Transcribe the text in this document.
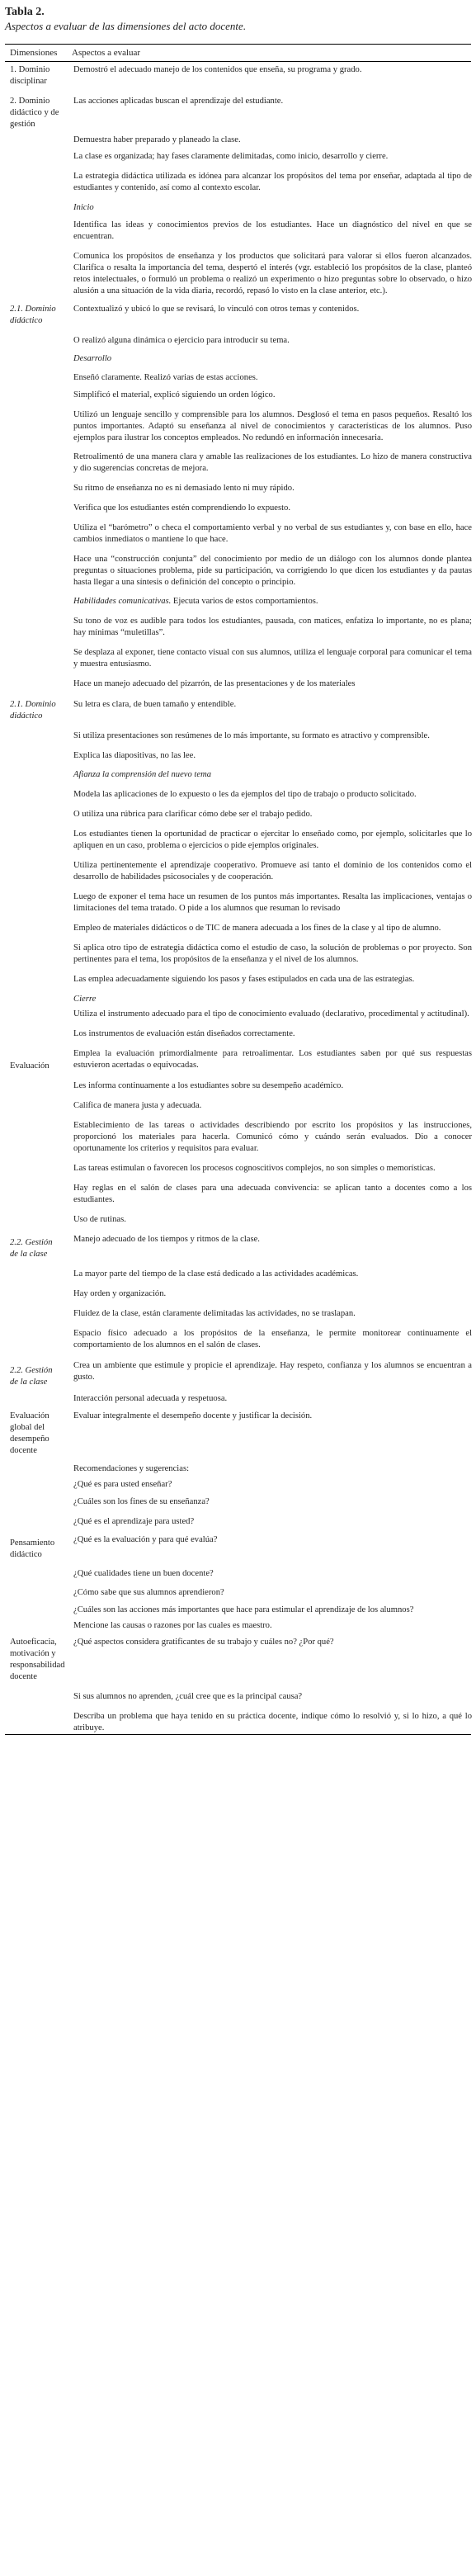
Tabla 2.
Aspectos a evaluar de las dimensiones del acto docente.
Dimensiones	Aspectos a evaluar
1. Dominio disciplinar
Demostró el adecuado manejo de los contenidos que enseña, su programa y grado.
2. Dominio didáctico y de gestión
Las acciones aplicadas buscan el aprendizaje del estudiante.
Demuestra haber preparado y planeado la clase.
La clase es organizada; hay fases claramente delimitadas, como inicio, desarrollo y cierre.
La estrategia didáctica utilizada es idónea para alcanzar los propósitos del tema por enseñar, adaptada al tipo de estudiantes y contenido, así como al contexto escolar.
Inicio
Identifica las ideas y conocimientos previos de los estudiantes. Hace un diagnóstico del nivel en que se encuentran.
Comunica los propósitos de enseñanza y los productos que solicitará para valorar si ellos fueron alcanzados. Clarifica o resalta la importancia del tema, despertó el interés (vgr. estableció los propósitos de la clase, planteó retos intelectuales, o formuló un problema o realizó un experimento o hizo preguntas sobre lo observado, o hizo alusión a una situación de la vida diaria, recordó, repasó lo visto en la clase anterior, etc.).
2.1. Dominio didáctico
Contextualizó y ubicó lo que se revisará, lo vinculó con otros temas y contenidos.
O realizó alguna dinámica o ejercicio para introducir su tema.
Desarrollo
Enseñó claramente. Realizó varias de estas acciones.
Simplificó el material, explicó siguiendo un orden lógico.
Utilizó un lenguaje sencillo y comprensible para los alumnos. Desglosó el tema en pasos pequeños. Resaltó los puntos importantes. Adaptó su enseñanza al nivel de conocimientos y características de los alumnos. Puso ejemplos para ilustrar los conceptos empleados. No redundó en información innecesaria.
Retroalimentó de una manera clara y amable las realizaciones de los estudiantes. Lo hizo de manera constructiva y dio sugerencias concretas de mejora.
Su ritmo de enseñanza no es ni demasiado lento ni muy rápido.
Verifica que los estudiantes estén comprendiendo lo expuesto.
Utiliza el “barómetro” o checa el comportamiento verbal y no verbal de sus estudiantes y, con base en ello, hace cambios inmediatos o mantiene lo que hace.
Hace una “construcción conjunta” del conocimiento por medio de un diálogo con los alumnos donde plantea preguntas o situaciones problema, pide su participación, va corrigiendo lo que dicen los estudiantes y da pautas hasta llegar a una síntesis o definición del concepto o principio.
Habilidades comunicativas. Ejecuta varios de estos comportamientos.
Su tono de voz es audible para todos los estudiantes, pausada, con matices, enfatiza lo importante, no es plana; hay mínimas “muletillas”.
Se desplaza al exponer, tiene contacto visual con sus alumnos, utiliza el lenguaje corporal para comunicar el tema y muestra entusiasmo.
Hace un manejo adecuado del pizarrón, de las presentaciones y de los materiales
2.1. Dominio didáctico
Su letra es clara, de buen tamaño y entendible.
Si utiliza presentaciones son resúmenes de lo más importante, su formato es atractivo y comprensible.
Explica las diapositivas, no las lee.
Afianza la comprensión del nuevo tema
Modela las aplicaciones de lo expuesto o les da ejemplos del tipo de trabajo o producto solicitado.
O utiliza una rúbrica para clarificar cómo debe ser el trabajo pedido.
Los estudiantes tienen la oportunidad de practicar o ejercitar lo enseñado como, por ejemplo, solicitarles que lo apliquen en un caso, problema o ejercicios o pide ejemplos originales.
Utiliza pertinentemente el aprendizaje cooperativo. Promueve así tanto el dominio de los contenidos como el desarrollo de habilidades psicosociales y de cooperación.
Luego de exponer el tema hace un resumen de los puntos más importantes. Resalta las implicaciones, ventajas o limitaciones del tema tratado. O pide a los alumnos que resuman lo revisado
Empleo de materiales didácticos o de TIC de manera adecuada a los fines de la clase y al tipo de alumno.
Si aplica otro tipo de estrategia didáctica como el estudio de caso, la solución de problemas o por proyecto. Son pertinentes para el tema, los propósitos de la enseñanza y el nivel de los alumnos.
Las emplea adecuadamente siguiendo los pasos y fases estipulados en cada una de las estrategias.
Cierre
Utiliza el instrumento adecuado para el tipo de conocimiento evaluado (declarativo, procedimental y actitudinal).
Los instrumentos de evaluación están diseñados correctamente.
Evaluación
Emplea la evaluación primordialmente para retroalimentar. Los estudiantes saben por qué sus respuestas estuvieron acertadas o equivocadas.
Les informa continuamente a los estudiantes sobre su desempeño académico.
Califica de manera justa y adecuada.
Establecimiento de las tareas o actividades describiendo por escrito los propósitos y las instrucciones, proporcionó los materiales para hacerla. Comunicó cómo y cuándo serán evaluados. Dio a conocer oportunamente los criterios y requisitos para evaluar.
Las tareas estimulan o favorecen los procesos cognoscitivos complejos, no son simples o memorísticas.
Hay reglas en el salón de clases para una adecuada convivencia: se aplican tanto a docentes como a los estudiantes.
Uso de rutinas.
2.2. Gestión de la clase
Manejo adecuado de los tiempos y ritmos de la clase.
La mayor parte del tiempo de la clase está dedicado a las actividades académicas.
Hay orden y organización.
Fluidez de la clase, están claramente delimitadas las actividades, no se traslapan.
Espacio físico adecuado a los propósitos de la enseñanza, le permite monitorear continuamente el comportamiento de los alumnos en el salón de clases.
2.2. Gestión de la clase
Crea un ambiente que estimule y propicie el aprendizaje. Hay respeto, confianza y los alumnos se encuentran a gusto.
Interacción personal adecuada y respetuosa.
Evaluación global del desempeño docente
Evaluar integralmente el desempeño docente y justificar la decisión.
Recomendaciones y sugerencias:
¿Qué es para usted enseñar?
¿Cuáles son los fines de su enseñanza?
¿Qué es el aprendizaje para usted?
Pensamiento didáctico
¿Qué es la evaluación y para qué evalúa?
¿Qué cualidades tiene un buen docente?
¿Cómo sabe que sus alumnos aprendieron?
¿Cuáles son las acciones más importantes que hace para estimular el aprendizaje de los alumnos?
Mencione las causas o razones por las cuales es maestro.
Autoeficacia, motivación y responsabilidad docente
¿Qué aspectos considera gratificantes de su trabajo y cuáles no? ¿Por qué?
Si sus alumnos no aprenden, ¿cuál cree que es la principal causa?
Describa un problema que haya tenido en su práctica docente, indique cómo lo resolvió y, si lo hizo, a qué lo atribuye.
